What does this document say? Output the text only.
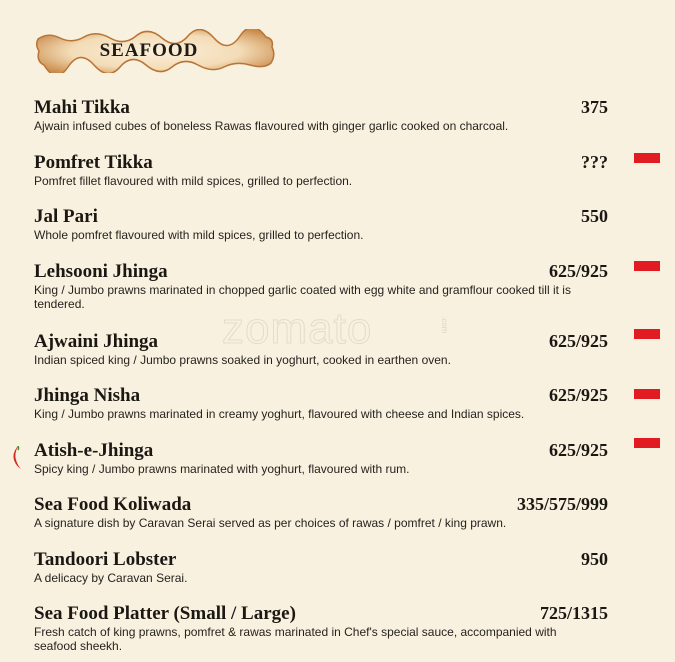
SEAFOOD
zomato	.com
Mahi Tikka	375
Ajwain infused cubes of boneless Rawas flavoured with ginger garlic cooked on charcoal.
Pomfret Tikka	???
Pomfret fillet flavoured with mild spices, grilled to perfection.
Jal Pari	550
Whole pomfret flavoured with mild spices, grilled to perfection.
Lehsooni Jhinga	625/925
King / Jumbo prawns marinated in chopped garlic coated with egg white and gramflour cooked till it is tendered.
Ajwaini Jhinga	625/925
Indian spiced king / Jumbo prawns soaked in yoghurt, cooked in earthen oven.
Jhinga Nisha	625/925
King / Jumbo prawns marinated in creamy yoghurt, flavoured with cheese and Indian spices.
Atish-e-Jhinga	625/925
Spicy king / Jumbo prawns marinated with yoghurt, flavoured with rum.
Sea Food Koliwada	335/575/999
A signature dish by Caravan Serai served as per choices of rawas / pomfret / king prawn.
Tandoori Lobster	950
A delicacy by Caravan Serai.
Sea Food Platter (Small / Large)	725/1315
Fresh catch of king prawns, pomfret & rawas marinated in Chef's special sauce, accompanied with seafood sheekh.
